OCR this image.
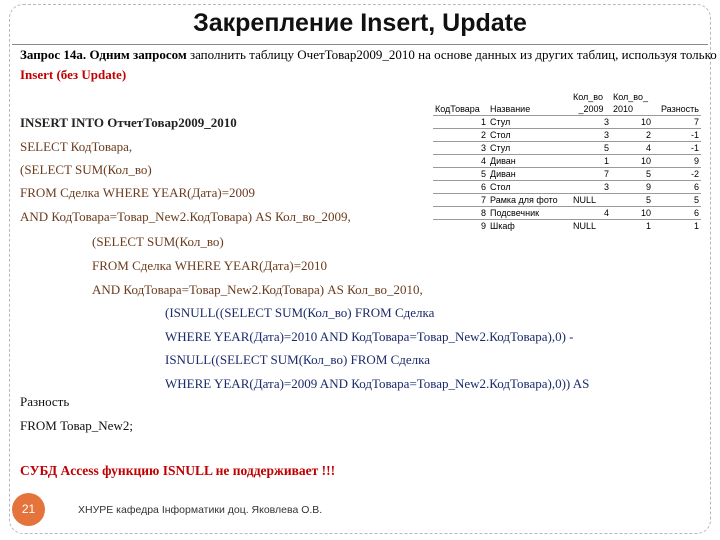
Закрепление Insert, Update
Запрос 14а. Одним запросом заполнить таблицу ОчетТовар2009_2010 на основе данных из других таблиц, используя только Insert (без Update)
INSERT INTO ОтчетТовар2009_2010
SELECT КодТовара,
(SELECT SUM(Кол_во)
FROM Сделка WHERE YEAR(Дата)=2009
AND КодТовара=Товар_New2.КодТовара) AS Кол_во_2009,
(SELECT SUM(Кол_во)
FROM Сделка WHERE YEAR(Дата)=2010
AND КодТовара=Товар_New2.КодТовара) AS Кол_во_2010,
(ISNULL((SELECT SUM(Кол_во) FROM Сделка
WHERE YEAR(Дата)=2010 AND КодТовара=Товар_New2.КодТовара),0) -
ISNULL((SELECT SUM(Кол_во) FROM Сделка
WHERE YEAR(Дата)=2009 AND КодТовара=Товар_New2.КодТовара),0)) AS
Разность
FROM Товар_New2;
		Кол_во	Кол_во_	
КодТовара	Название	_2009	2010	Разность
1	Стул	3	10	7
2	Стол	3	2	-1
3	Стул	5	4	-1
4	Диван	1	10	9
5	Диван	7	5	-2
6	Стол	3	9	6
7	Рамка для фото	NULL	5	5
8	Подсвечник	4	10	6
9	Шкаф	NULL	1	1
СУБД Access функцию ISNULL не поддерживает !!!
21	ХНУРЕ кафедра Інформатики доц. Яковлева О.В.
